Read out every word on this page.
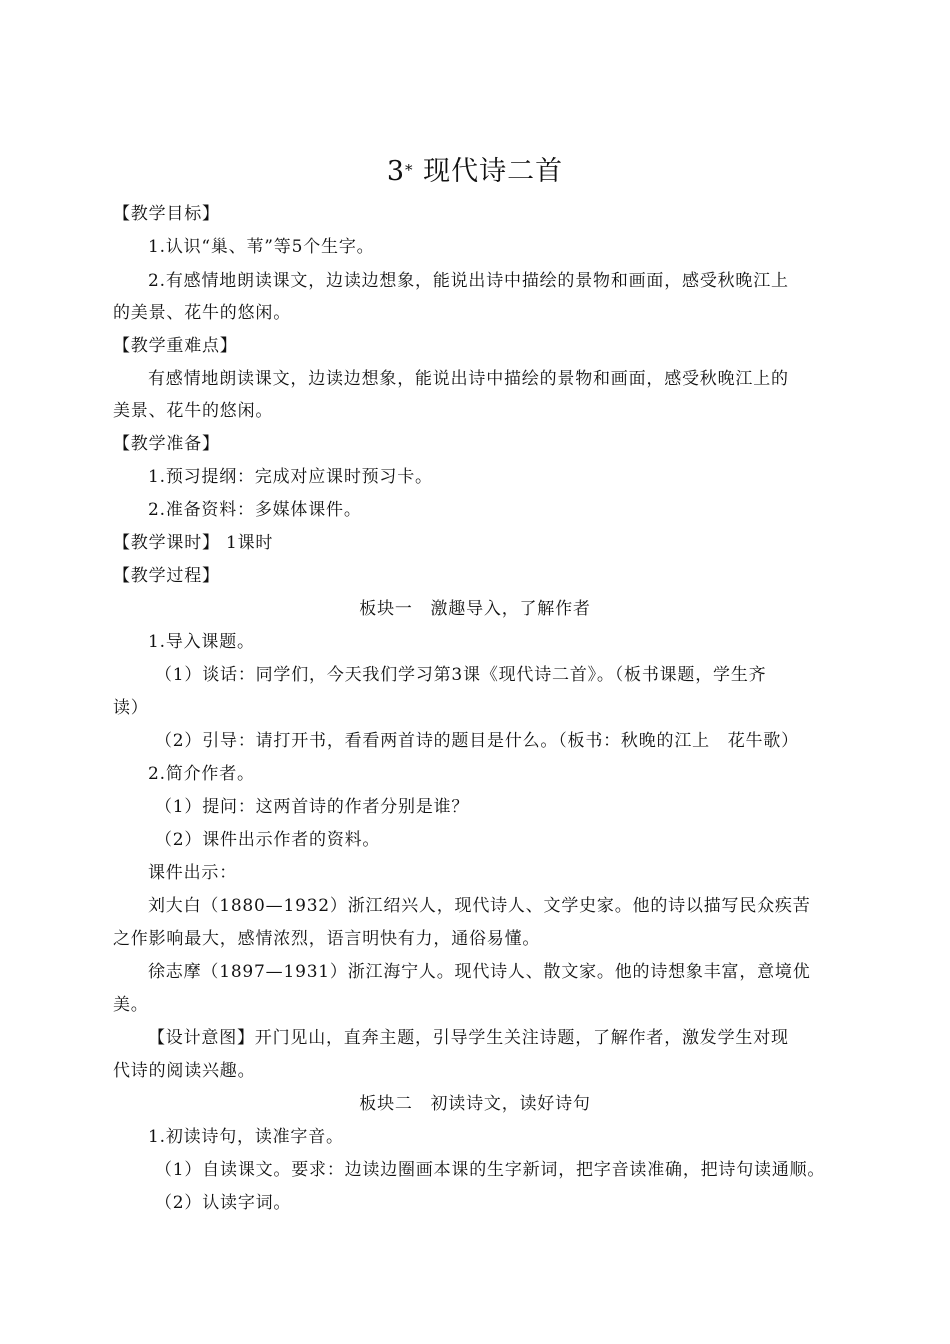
3* 现代诗二首
【教学目标】
1.认识“巢、苇”等5个生字。
2.有感情地朗读课文，边读边想象，能说出诗中描绘的景物和画面，感受秋晚江上
的美景、花牛的悠闲。
【教学重难点】
有感情地朗读课文，边读边想象，能说出诗中描绘的景物和画面，感受秋晚江上的
美景、花牛的悠闲。
【教学准备】
1.预习提纲：完成对应课时预习卡。
2.准备资料：多媒体课件。
【教学课时】 1课时
【教学过程】
板块一　激趣导入，了解作者
1.导入课题。
（1）谈话：同学们，今天我们学习第3课《现代诗二首》。（板书课题，学生齐
读）
（2）引导：请打开书，看看两首诗的题目是什么。（板书：秋晚的江上　花牛歌）
2.简介作者。
（1）提问：这两首诗的作者分别是谁？
（2）课件出示作者的资料。
课件出示：
刘大白（1880—1932）浙江绍兴人，现代诗人、文学史家。他的诗以描写民众疾苦
之作影响最大，感情浓烈，语言明快有力，通俗易懂。
徐志摩（1897—1931）浙江海宁人。现代诗人、散文家。他的诗想象丰富，意境优
美。
【设计意图】开门见山，直奔主题，引导学生关注诗题，了解作者，激发学生对现
代诗的阅读兴趣。
板块二　初读诗文，读好诗句
1.初读诗句，读准字音。
（1）自读课文。要求：边读边圈画本课的生字新词，把字音读准确，把诗句读通顺。
（2）认读字词。
